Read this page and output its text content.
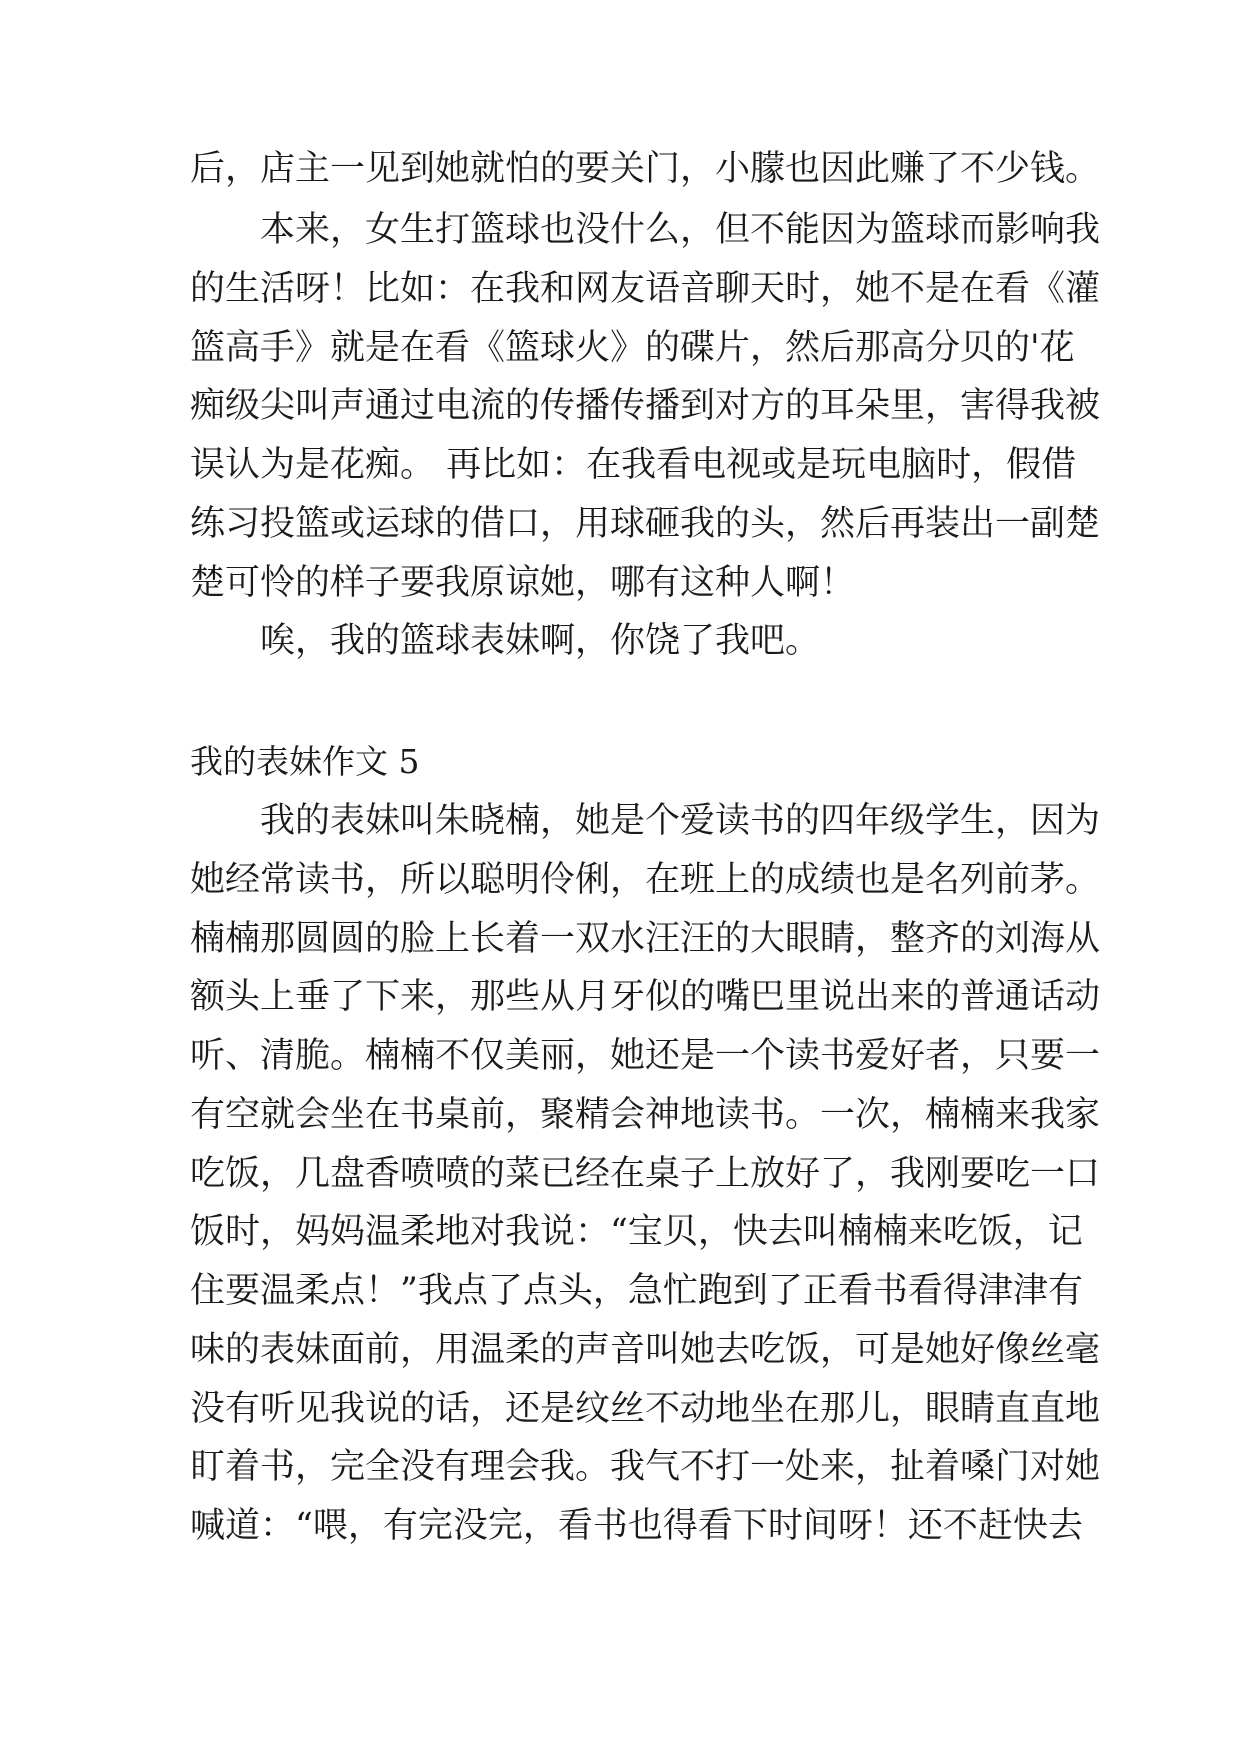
后，店主一见到她就怕的要关门，小朦也因此赚了不少钱。
本来，女生打篮球也没什么，但不能因为篮球而影响我
的生活呀！比如：在我和网友语音聊天时，她不是在看《灌
篮高手》就是在看《篮球火》的碟片，然后那高分贝的'花
痴级尖叫声通过电流的传播传播到对方的耳朵里，害得我被
误认为是花痴。 再比如：在我看电视或是玩电脑时，假借
练习投篮或运球的借口，用球砸我的头，然后再装出一副楚
楚可怜的样子要我原谅她，哪有这种人啊！
唉，我的篮球表妹啊，你饶了我吧。
我的表妹作文 5
我的表妹叫朱晓楠，她是个爱读书的四年级学生，因为
她经常读书，所以聪明伶俐，在班上的成绩也是名列前茅。
楠楠那圆圆的脸上长着一双水汪汪的大眼睛，整齐的刘海从
额头上垂了下来，那些从月牙似的嘴巴里说出来的普通话动
听、清脆。楠楠不仅美丽，她还是一个读书爱好者，只要一
有空就会坐在书桌前，聚精会神地读书。一次，楠楠来我家
吃饭，几盘香喷喷的菜已经在桌子上放好了，我刚要吃一口
饭时，妈妈温柔地对我说：“宝贝，快去叫楠楠来吃饭，记
住要温柔点！”我点了点头，急忙跑到了正看书看得津津有
味的表妹面前，用温柔的声音叫她去吃饭，可是她好像丝毫
没有听见我说的话，还是纹丝不动地坐在那儿，眼睛直直地
盯着书，完全没有理会我。我气不打一处来，扯着嗓门对她
喊道：“喂，有完没完，看书也得看下时间呀！还不赶快去
